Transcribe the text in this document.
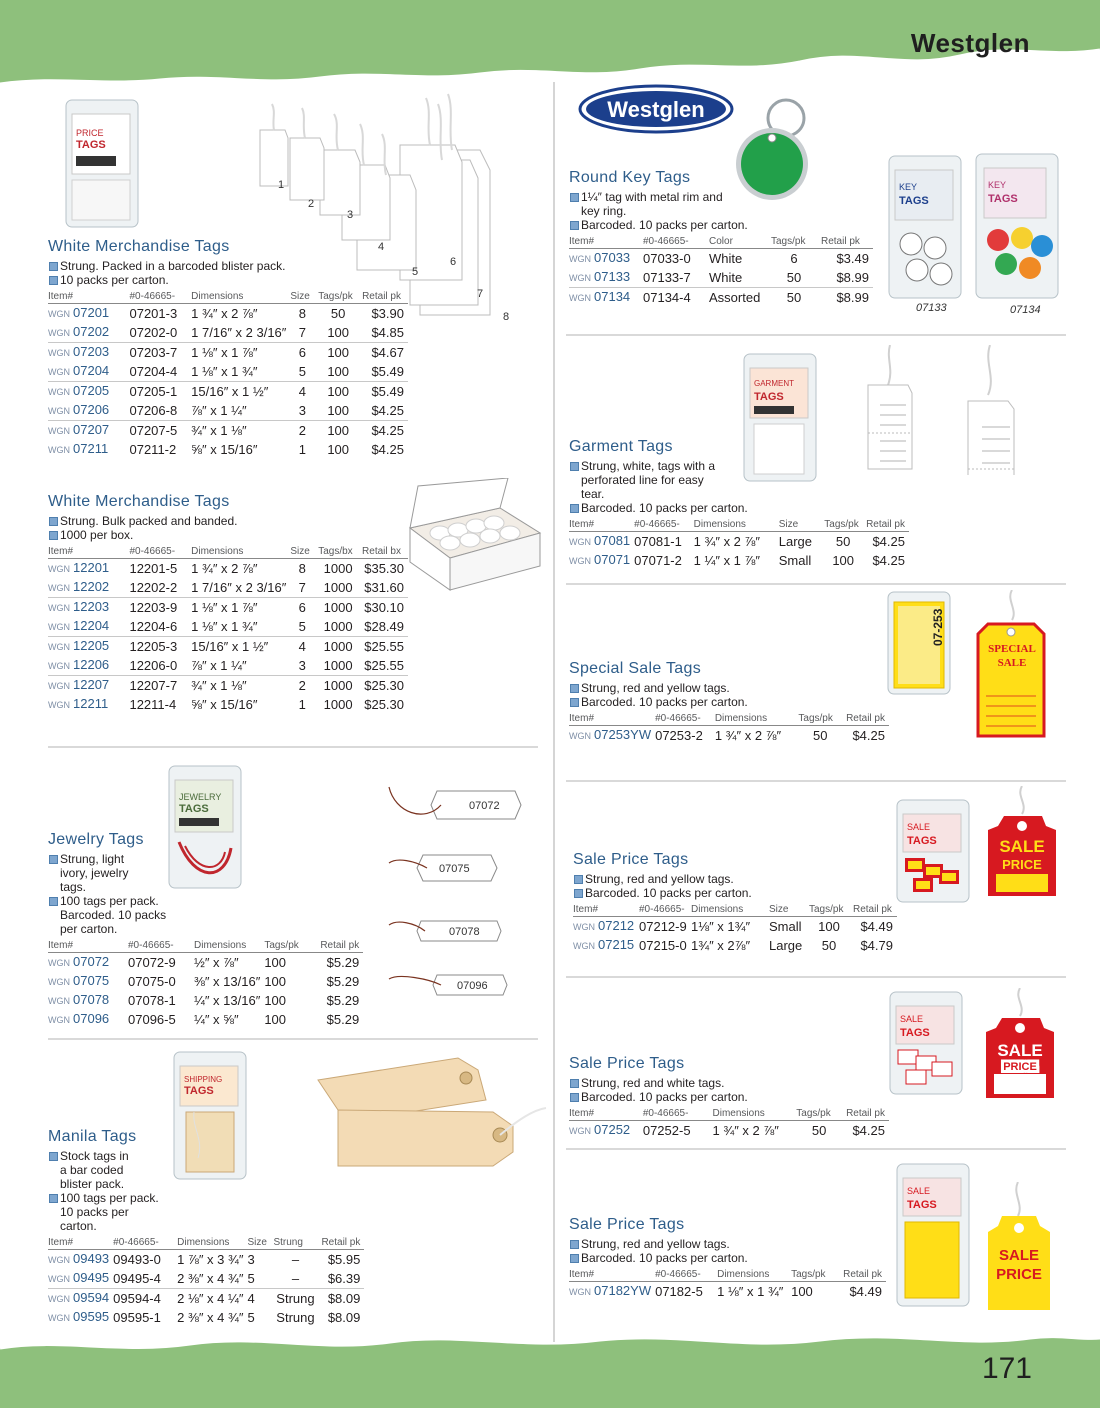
Westglen
171
PRICE
TAGS
1
2
3
4
5
6
7
8
White Merchandise Tags
Strung. Packed in a barcoded blister pack.
10 packs per carton.
Item#	#0-46665-	Dimensions	Size	Tags/pk	Retail pk
WGN 07201	07201-3	1 ¾″ x 2 ⅞″	8	50	$3.90
WGN 07202	07202-0	1 7/16″ x 2 3/16″	7	100	$4.85
WGN 07203	07203-7	1 ⅛″ x 1 ⅞″	6	100	$4.67
WGN 07204	07204-4	1 ⅛″ x 1 ¾″	5	100	$5.49
WGN 07205	07205-1	15/16″ x 1 ½″	4	100	$5.49
WGN 07206	07206-8	⅞″ x 1 ¼″	3	100	$4.25
WGN 07207	07207-5	¾″ x 1 ⅛″	2	100	$4.25
WGN 07211	07211-2	⅝″ x 15/16″	1	100	$4.25
White Merchandise Tags
Strung. Bulk packed and banded.
1000 per box.
Item#	#0-46665-	Dimensions	Size	Tags/bx	Retail bx
WGN 12201	12201-5	1 ¾″ x 2 ⅞″	8	1000	$35.30
WGN 12202	12202-2	1 7/16″ x 2 3/16″	7	1000	$31.60
WGN 12203	12203-9	1 ⅛″ x 1 ⅞″	6	1000	$30.10
WGN 12204	12204-6	1 ⅛″ x 1 ¾″	5	1000	$28.49
WGN 12205	12205-3	15/16″ x 1 ½″	4	1000	$25.55
WGN 12206	12206-0	⅞″ x 1 ¼″	3	1000	$25.55
WGN 12207	12207-7	¾″ x 1 ⅛″	2	1000	$25.30
WGN 12211	12211-4	⅝″ x 15/16″	1	1000	$25.30
JEWELRY
TAGS	07072
07075
07078
07096
Jewelry Tags
Strung, light ivory, jewelry tags.
100 tags per pack. Barcoded. 10 packs per carton.
Item#	#0-46665-	Dimensions	Tags/pk	Retail pk
WGN 07072	07072-9	½″ x ⅞″	100	$5.29
WGN 07075	07075-0	⅜″ x 13/16″	100	$5.29
WGN 07078	07078-1	¼″ x 13/16″	100	$5.29
WGN 07096	07096-5	¼″ x ⅝″	100	$5.29
SHIPPING
TAGS
Manila Tags
Stock tags in a bar coded blister pack.
100 tags per pack. 10 packs per carton.
Item#	#0-46665-	Dimensions	Size	Strung	Retail pk
WGN 09493	09493-0	1 ⅞″ x 3 ¾″	3	–	$5.95
WGN 09495	09495-4	2 ⅜″ x 4 ¾″	5	–	$6.39
WGN 09594	09594-4	2 ⅛″ x 4 ¼″	4	Strung	$8.09
WGN 09595	09595-1	2 ⅜″ x 4 ¾″	5	Strung	$8.09
Westglen
KEY
TAGS
KEY
TAGS
07133	07134
Round Key Tags
1¼″ tag with metal rim and key ring.
Barcoded. 10 packs per carton.
Item#	#0-46665-	Color	Tags/pk	Retail pk
WGN 07033	07033-0	White	6	$3.49
WGN 07133	07133-7	White	50	$8.99
WGN 07134	07134-4	Assorted	50	$8.99
GARMENT
TAGS
Garment Tags
Strung, white, tags with a perforated line for easy tear.
Barcoded. 10 packs per carton.
Item#	#0-46665-	Dimensions	Size	Tags/pk	Retail pk
WGN 07081	07081-1	1 ¾″ x 2 ⅞″	Large	50	$4.25
WGN 07071	07071-2	1 ¼″ x 1 ⅞″	Small	100	$4.25
07-253
SPECIAL
SALE
Special Sale Tags
Strung, red and yellow tags.
Barcoded. 10 packs per carton.
Item#	#0-46665-	Dimensions	Tags/pk	Retail pk
WGN 07253YW	07253-2	1 ¾″ x 2 ⅞″	50	$4.25
SALE
TAGS	SALE
PRICE
Sale Price Tags
Strung, red and yellow tags.
Barcoded. 10 packs per carton.
Item#	#0-46665-	Dimensions	Size	Tags/pk	Retail pk
WGN 07212	07212-9	1⅛″ x 1¾″	Small	100	$4.49
WGN 07215	07215-0	1¾″ x 2⅞″	Large	50	$4.79
SALE
TAGS
SALE
PRICE
Sale Price Tags
Strung, red and white tags.
Barcoded. 10 packs per carton.
Item#	#0-46665-	Dimensions	Tags/pk	Retail pk
WGN 07252	07252-5	1 ¾″ x 2 ⅞″	50	$4.25
SALE
TAGS
SALE
PRICE
Sale Price Tags
Strung, red and yellow tags.
Barcoded. 10 packs per carton.
Item#	#0-46665-	Dimensions	Tags/pk	Retail pk
WGN 07182YW	07182-5	1 ⅛″ x 1 ¾″	100	$4.49
